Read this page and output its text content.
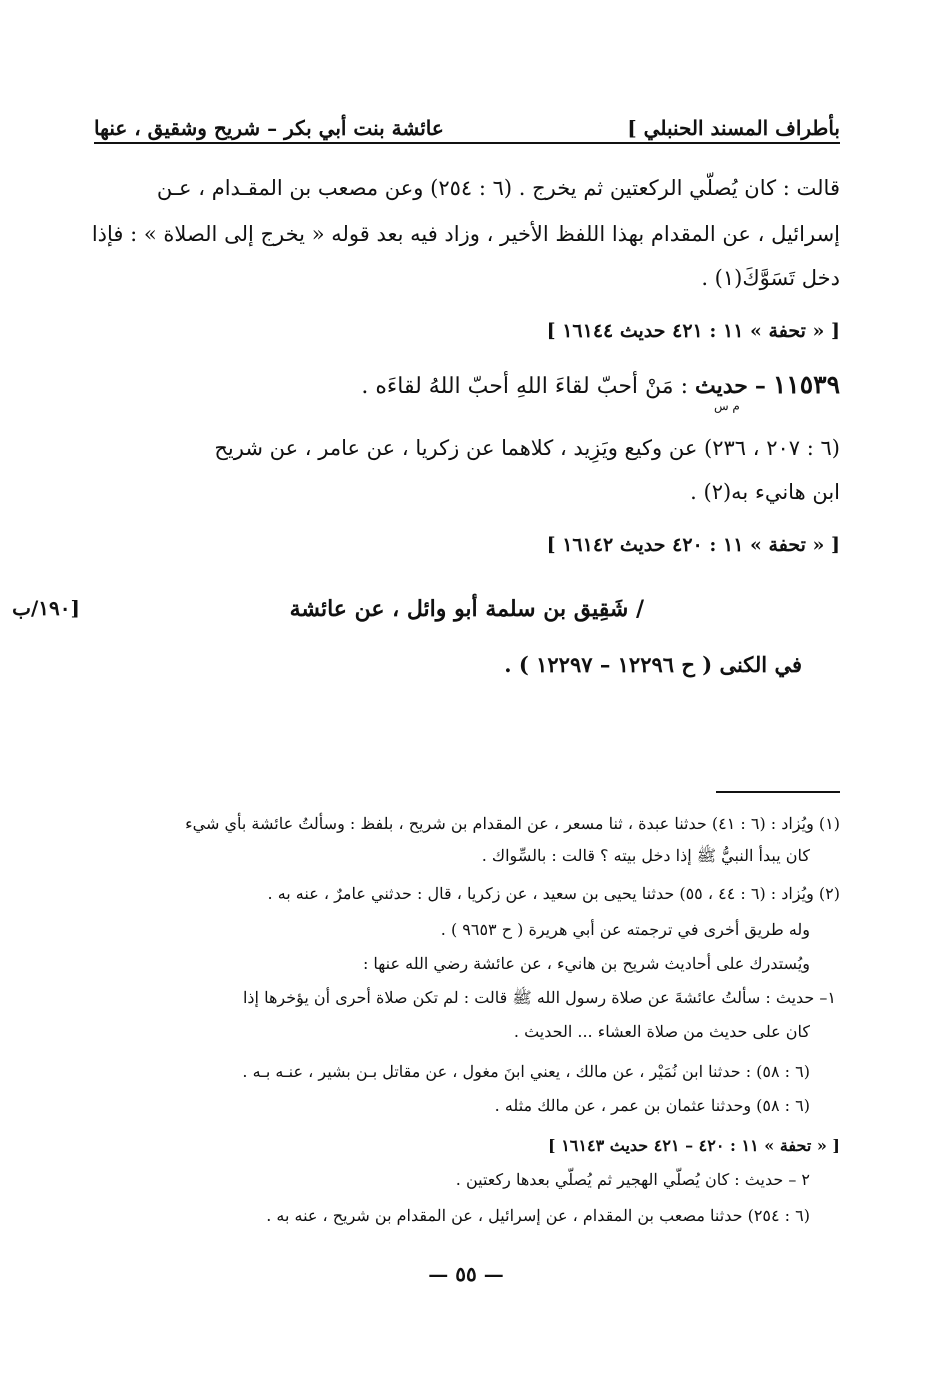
عائشة بنت أبي بكر – شريح وشقيق ، عنها	بأطراف المسند الحنبلي ]
قالت : كان يُصلّي الركعتين ثم يخرج . (٦ : ٢٥٤) وعن مصعب بن المقـدام ، عـن
إسرائيل ، عن المقدام بهذا اللفظ الأخير ، وزاد فيه بعد قوله « يخرج إلى الصلاة » : فإذا
دخل تَسَوَّكَ(١) .
[ « تحفة » ١١ : ٤٢١ حديث ١٦١٤٤ ]
١١٥٣٩ – حديث
م س
: مَنْ أحبّ لقاءَ اللهِ أحبّ اللهُ لقاءَه .
(٦ : ٢٠٧ ، ٢٣٦) عن وكيع ويَزِيد ، كلاهما عن زكريا ، عن عامر ، عن شريح
ابن هانيء به(٢) .
[ « تحفة » ١١ : ٤٢٠ حديث ١٦١٤٢ ]
[١٩٠/ب	/ شَقِيق بن سلمة أبو وائل ، عن عائشة
في الكنى ( ح ١٢٢٩٦ – ١٢٢٩٧ ) .
(١) ويُزاد : (٦ : ٤١) حدثنا عبدة ، ثنا مسعر ، عن المقدام بن شريح ، بلفظ : وسألتُ عائشة بأي شيء
كان يبدأ النبيُّ ﷺ إذا دخل بيته ؟ قالت : بالسِّواك .
(٢) ويُزاد : (٦ : ٤٤ ، ٥٥) حدثنا يحيى بن سعيد ، عن زكريا ، قال : حدثني عامرٌ ، عنه به .
وله طريق أخرى في ترجمته عن أبي هريرة ( ح ٩٦٥٣ ) .
ويُستدرك على أحاديث شريح بن هانيء ، عن عائشة رضي الله عنها :
١– حديث : سألتُ عائشةَ عن صلاة رسول الله ﷺ قالت : لم تكن صلاة أحرى أن يؤخرها إذا
كان على حديث من صلاة العشاء ... الحديث .
(٦ : ٥٨) : حدثنا ابن نُمَيْر ، عن مالك ، يعني ابنَ مغول ، عن مقاتل بـن بشير ، عنـه بـه .
(٦ : ٥٨) وحدثنا عثمان بن عمر ، عن مالك مثله .
[ « تحفة » ١١ : ٤٢٠ – ٤٢١ حديث ١٦١٤٣ ]
٢ – حديث : كان يُصلّي الهجير ثم يُصلّي بعدها ركعتين .
(٦ : ٢٥٤) حدثنا مصعب بن المقدام ، عن إسرائيل ، عن المقدام بن شريح ، عنه به .
— ٥٥ —
